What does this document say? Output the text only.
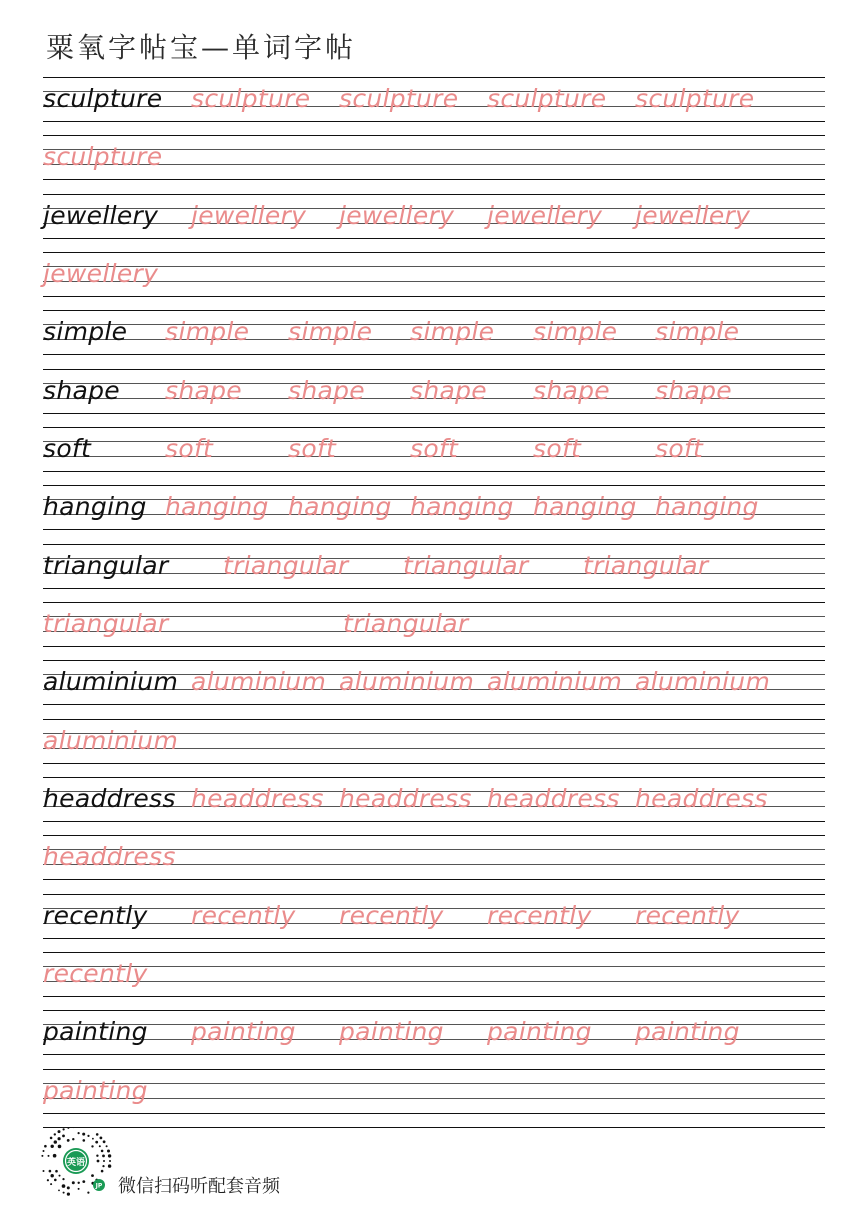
粟氧字帖宝—单词字帖
sculpture sculpture sculpture sculpture sculpture
sculpture
jewellery jewellery jewellery jewellery jewellery
jewellery
simple simple simple simple simple simple
shape shape shape shape shape shape
soft	soft	soft	soft	soft	soft
hanging hanging hanging hanging hanging hanging
triangular triangular triangular triangular
triangular	triangular
aluminium aluminium aluminium aluminium aluminium
aluminium
headdress headdress headdress headdress headdress
headdress
recently recently recently recently recently
recently
painting painting painting painting painting
painting
英语
JP 微信扫码听配套音频
